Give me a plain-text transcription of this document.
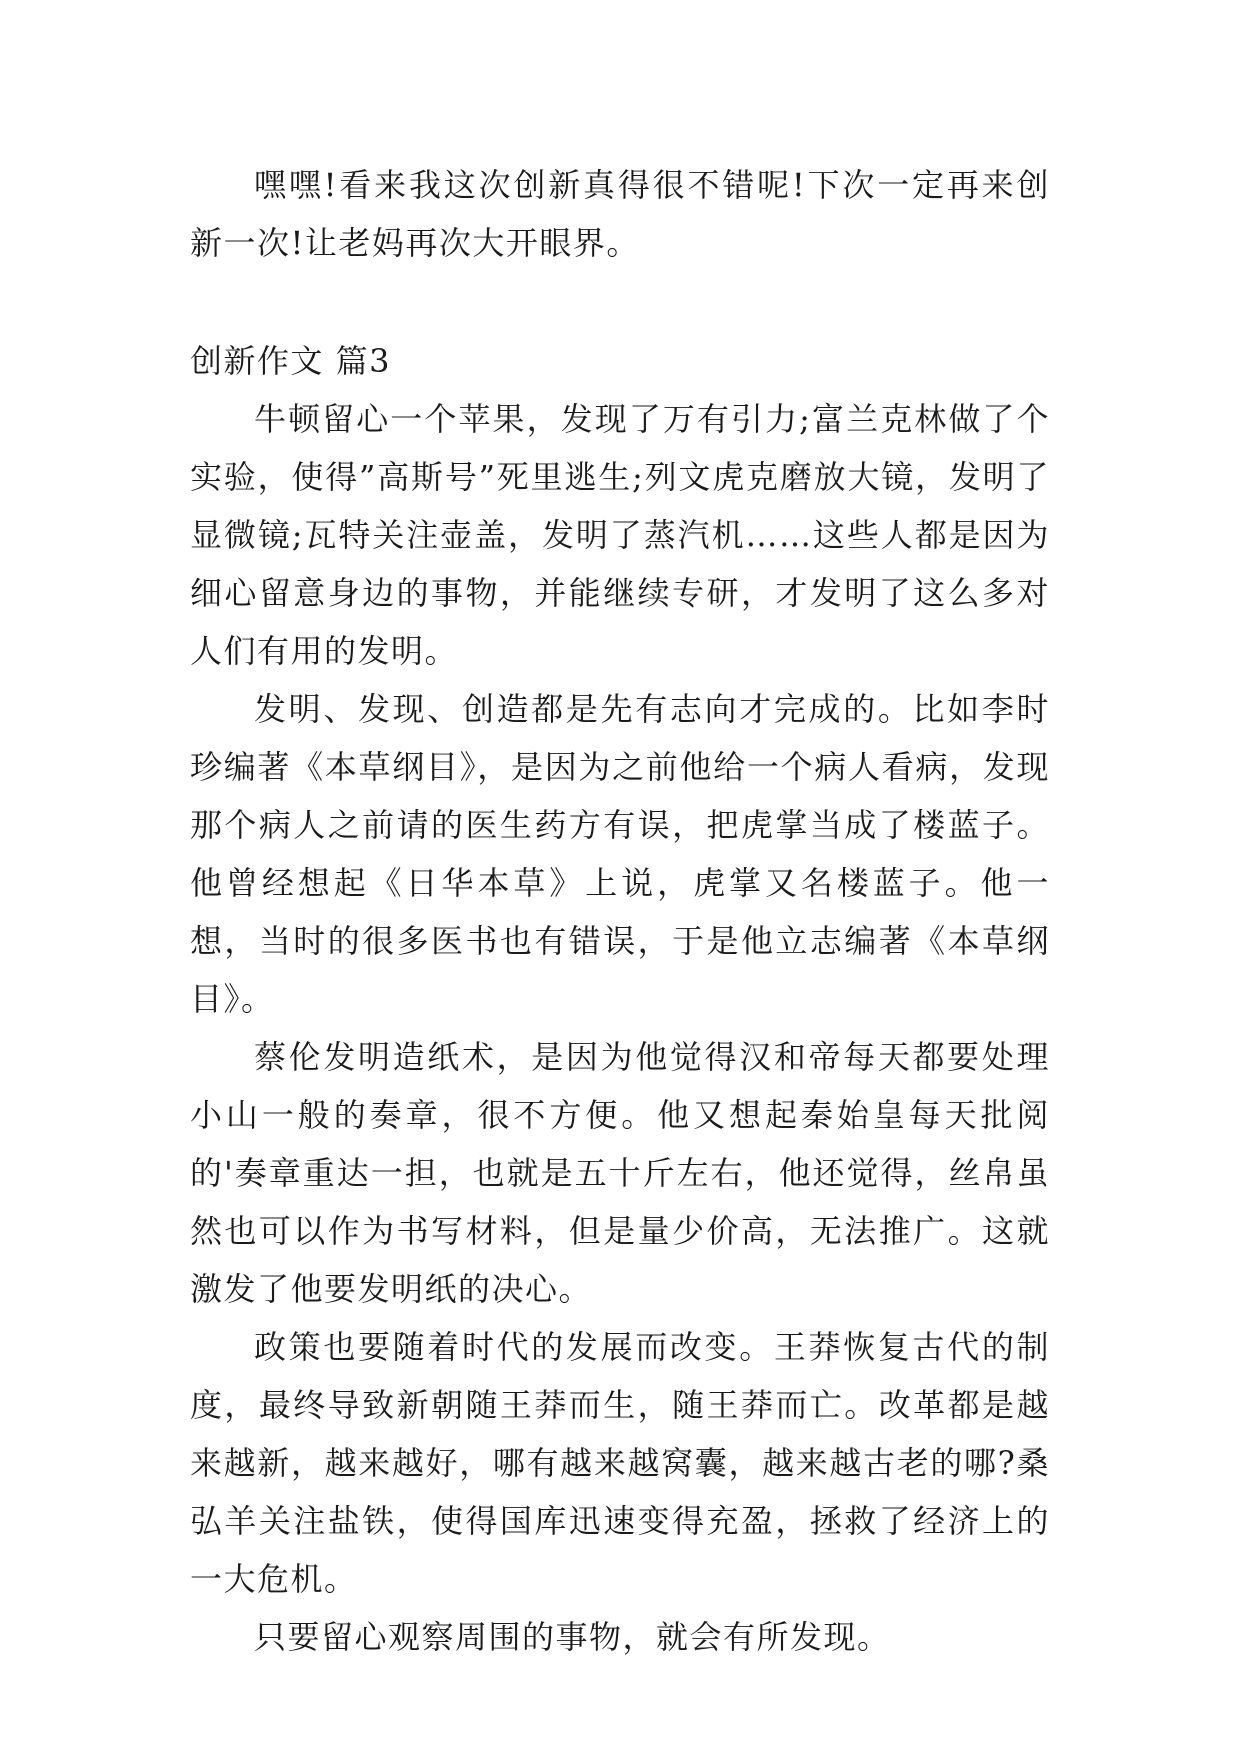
嘿嘿!看来我这次创新真得很不错呢!下次一定再来创新一次!让老妈再次大开眼界。

创新作文 篇3

牛顿留心一个苹果，发现了万有引力;富兰克林做了个实验，使得”高斯号”死里逃生;列文虎克磨放大镜，发明了显微镜;瓦特关注壶盖，发明了蒸汽机……这些人都是因为细心留意身边的事物，并能继续专研，才发明了这么多对人们有用的发明。

发明、发现、创造都是先有志向才完成的。比如李时珍编著《本草纲目》，是因为之前他给一个病人看病，发现那个病人之前请的医生药方有误，把虎掌当成了楼蓝子。他曾经想起《日华本草》上说，虎掌又名楼蓝子。他一想，当时的很多医书也有错误，于是他立志编著《本草纲目》。

蔡伦发明造纸术，是因为他觉得汉和帝每天都要处理小山一般的奏章，很不方便。他又想起秦始皇每天批阅的'奏章重达一担，也就是五十斤左右，他还觉得，丝帛虽然也可以作为书写材料，但是量少价高，无法推广。这就激发了他要发明纸的决心。

政策也要随着时代的发展而改变。王莽恢复古代的制度，最终导致新朝随王莽而生，随王莽而亡。改革都是越来越新，越来越好，哪有越来越窝囊，越来越古老的哪?桑弘羊关注盐铁，使得国库迅速变得充盈，拯救了经济上的一大危机。

只要留心观察周围的事物，就会有所发现。
